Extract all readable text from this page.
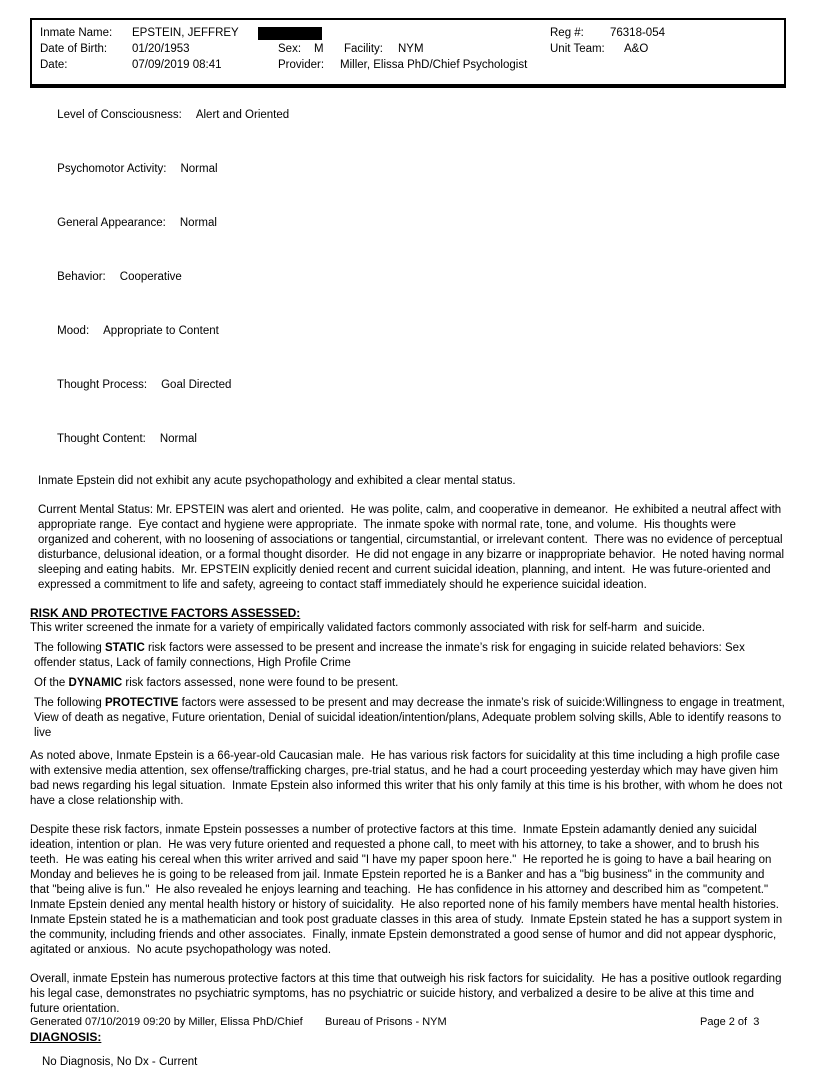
Inmate Name: EPSTEIN, JEFFREY	Reg #: 76318-054
Date of Birth: 01/20/1953	Sex: M Facility: NYM	Unit Team: A&O
Date:	07/09/2019 08:41	Provider: Miller, Elissa PhD/Chief Psychologist

Level of Consciousness: Alert and Oriented

Psychomotor Activity: Normal

General Appearance: Normal

Behavior: Cooperative

Mood: Appropriate to Content

Thought Process: Goal Directed

Thought Content: Normal

Inmate Epstein did not exhibit any acute psychopathology and exhibited a clear mental status.

Current Mental Status: Mr. EPSTEIN was alert and oriented.  He was polite, calm, and cooperative in demeanor.  He exhibited a neutral affect with appropriate range.  Eye contact and hygiene were appropriate.  The inmate spoke with normal rate, tone, and volume.  His thoughts were organized and coherent, with no loosening of associations or tangential, circumstantial, or irrelevant content.  There was no evidence of perceptual disturbance, delusional ideation, or a formal thought disorder.  He did not engage in any bizarre or inappropriate behavior.  He noted having normal sleeping and eating habits.  Mr. EPSTEIN explicitly denied recent and current suicidal ideation, planning, and intent.  He was future-oriented and expressed a commitment to life and safety, agreeing to contact staff immediately should he experience suicidal ideation.

RISK AND PROTECTIVE FACTORS ASSESSED:

This writer screened the inmate for a variety of empirically validated factors commonly associated with risk for self-harm  and suicide.

The following STATIC risk factors were assessed to be present and increase the inmate’s risk for engaging in suicide related behaviors: Sex offender status, Lack of family connections, High Profile Crime

Of the DYNAMIC risk factors assessed, none were found to be present.

The following PROTECTIVE factors were assessed to be present and may decrease the inmate’s risk of suicide:Willingness to engage in treatment, View of death as negative, Future orientation, Denial of suicidal ideation/intention/plans, Adequate problem solving skills, Able to identify reasons to live

As noted above, Inmate Epstein is a 66-year-old Caucasian male.  He has various risk factors for suicidality at this time including a high profile case with extensive media attention, sex offense/trafficking charges, pre-trial status, and he had a court proceeding yesterday which may have given him bad news regarding his legal situation.  Inmate Epstein also informed this writer that his only family at this time is his brother, with whom he does not have a close relationship with.

Despite these risk factors, inmate Epstein possesses a number of protective factors at this time.  Inmate Epstein adamantly denied any suicidal ideation, intention or plan.  He was very future oriented and requested a phone call, to meet with his attorney, to take a shower, and to brush his teeth.  He was eating his cereal when this writer arrived and said "I have my paper spoon here."  He reported he is going to have a bail hearing on Monday and believes he is going to be released from jail. Inmate Epstein reported he is a Banker and has a "big business" in the community and that "being alive is fun."  He also revealed he enjoys learning and teaching.  He has confidence in his attorney and described him as "competent."  Inmate Epstein denied any mental health history or history of suicidality.  He also reported none of his family members have mental health histories.  Inmate Epstein stated he is a mathematician and took post graduate classes in this area of study.  Inmate Epstein stated he has a support system in the community, including friends and other associates.  Finally, inmate Epstein demonstrated a good sense of humor and did not appear dysphoric, agitated or anxious.  No acute psychopathology was noted.

Overall, inmate Epstein has numerous protective factors at this time that outweigh his risk factors for suicidality.  He has a positive outlook regarding his legal case, demonstrates no psychiatric symptoms, has no psychiatric or suicide history, and verbalized a desire to be alive at this time and future orientation.

DIAGNOSIS:

No Diagnosis, No Dx - Current

Generated 07/10/2019 09:20 by Miller, Elissa PhD/Chief Bureau of Prisons - NYM	Page 2 of  3
